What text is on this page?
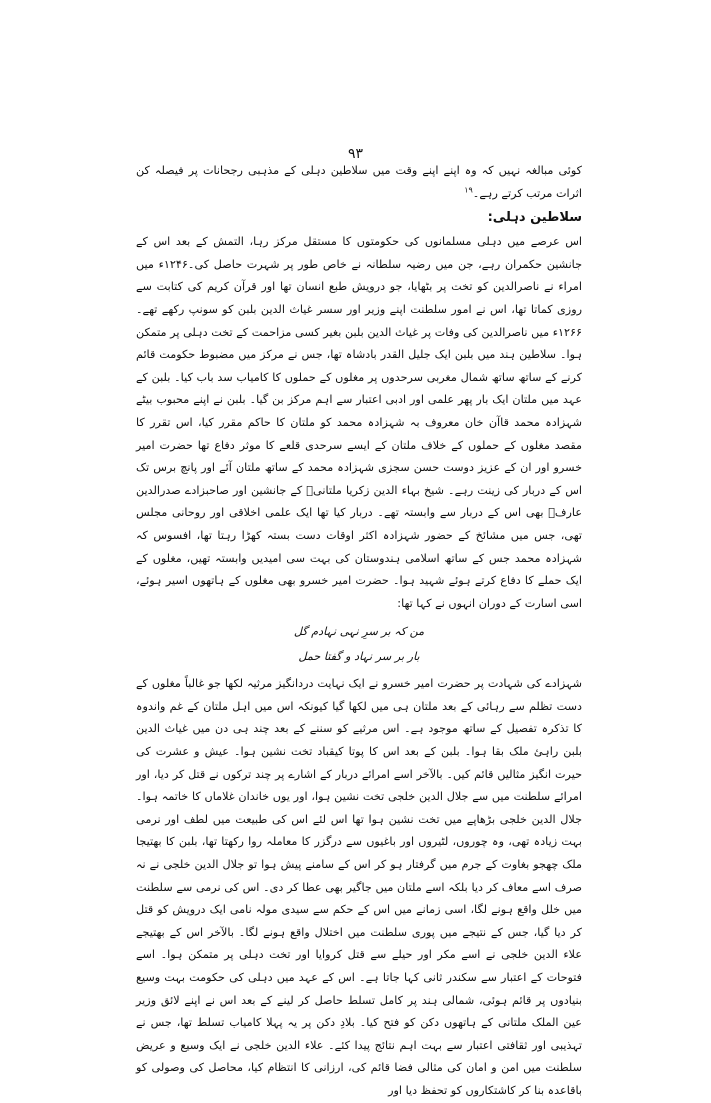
۹۳

کوئی مبالغہ نہیں کہ وہ اپنے اپنے وقت میں سلاطین دہلی کے مذہبی رجحانات پر فیصلہ کن اثرات مرتب کرتے رہے۔$^{۱۹}$

سلاطین دہلی:

اس عرصے میں دہلی مسلمانوں کی حکومتوں کا مستقل مرکز رہا، التمش کے بعد اس کے جانشین حکمران رہے، جن میں رضیہ سلطانہ نے خاص طور پر شہرت حاصل کی۔۱۲۴۶ء میں امراء نے ناصرالدین کو تخت پر بٹھایا، جو درویش طبع انسان تھا اور قرآن کریم کی کتابت سے روزی کماتا تھا، اس نے امور سلطنت اپنے وزیر اور سسر غیاث الدین بلبن کو سونپ رکھے تھے۔۱۲۶۶ء میں ناصرالدین کی وفات پر غیاث الدین بلبن بغیر کسی مزاحمت کے تخت دہلی پر متمکن ہوا۔ سلاطین ہند میں بلبن ایک جلیل القدر بادشاہ تھا، جس نے مرکز میں مضبوط حکومت قائم کرنے کے ساتھ ساتھ شمال مغربی سرحدوں پر مغلوں کے حملوں کا کامیاب سد باب کیا۔ بلبن کے عہد میں ملتان ایک بار پھر علمی اور ادبی اعتبار سے اہم مرکز بن گیا۔ بلبن نے اپنے محبوب بیٹے شہزادہ محمد قاآن خان معروف بہ شہزادہ محمد کو ملتان کا حاکم مقرر کیا، اس تقرر کا مقصد مغلوں کے حملوں کے خلاف ملتان کے ایسے سرحدی قلعے کا موثر دفاع تھا حضرت امیر خسرو اور ان کے عزیز دوست حسن سجزی شہزادہ محمد کے ساتھ ملتان آئے اور پانچ برس تک اس کے دربار کی زینت رہے۔ شیخ بہاء الدین زکریا ملتانیؒ کے جانشین اور صاحبزادے صدرالدین عارفؒ بھی اس کے دربار سے وابستہ تھے۔ دربار کیا تھا ایک علمی اخلاقی اور روحانی مجلس تھی، جس میں مشائخ کے حضور شہزادہ اکثر اوقات دست بستہ کھڑا رہتا تھا، افسوس کہ شہزادہ محمد جس کے ساتھ اسلامی ہندوستان کی بہت سی امیدیں وابستہ تھیں، مغلوں کے ایک حملے کا دفاع کرتے ہوئے شہید ہوا۔ حضرت امیر خسرو بھی مغلوں کے ہاتھوں اسیر ہوئے، اسی اسارت کے دوران انہوں نے کہا تھا:

من کہ بر سرِ نہی نہادم گل

بار بر سر نہاد و گفتا حمل

شہزادے کی شہادت پر حضرت امیر خسرو نے ایک نہایت دردانگیز مرثیہ لکھا جو غالباً مغلوں کے دست تظلم سے رہائی کے بعد ملتان ہی میں لکھا گیا کیونکہ اس میں اہل ملتان کے غم واندوہ کا تذکرہ تفصیل کے ساتھ موجود ہے۔ اس مرثیے کو سننے کے بعد چند ہی دن میں غیاث الدین بلبن راہیٔ ملک بقا ہوا۔ بلبن کے بعد اس کا پوتا کیقباد تخت نشین ہوا۔ عیش و عشرت کی حیرت انگیز مثالیں قائم کیں۔ بالآخر اسے امرائے دربار کے اشارے پر چند ترکوں نے قتل کر دیا، اور امرائے سلطنت میں سے جلال الدین خلجی تخت نشین ہوا، اور یوں خاندان غلاماں کا خاتمہ ہوا۔ جلال الدین خلجی بڑھاپے میں تخت نشین ہوا تھا اس لئے اس کی طبیعت میں لطف اور نرمی بہت زیادہ تھی، وہ چوروں، لٹیروں اور باغیوں سے درگزر کا معاملہ روا رکھتا تھا، بلبن کا بھتیجا ملک چھجو بغاوت کے جرم میں گرفتار ہو کر اس کے سامنے پیش ہوا تو جلال الدین خلجی نے نہ صرف اسے معاف کر دیا بلکہ اسے ملتان میں جاگیر بھی عطا کر دی۔ اس کی نرمی سے سلطنت میں خلل واقع ہونے لگا، اسی زمانے میں اس کے حکم سے سیدی مولہ نامی ایک درویش کو قتل کر دیا گیا، جس کے نتیجے میں پوری سلطنت میں اختلال واقع ہونے لگا۔ بالآخر اس کے بھتیجے علاء الدین خلجی نے اسے مکر اور حیلے سے قتل کروایا اور تخت دہلی پر متمکن ہوا۔ اسے فتوحات کے اعتبار سے سکندر ثانی کہا جاتا ہے۔ اس کے عہد میں دہلی کی حکومت بہت وسیع بنیادوں پر قائم ہوئی، شمالی ہند پر کامل تسلط حاصل کر لینے کے بعد اس نے اپنے لائق وزیر عین الملک ملتانی کے ہاتھوں دکن کو فتح کیا۔ بلادِ دکن پر یہ پہلا کامیاب تسلط تھا، جس نے تہذیبی اور ثقافتی اعتبار سے بہت اہم نتائج پیدا کئے۔ علاء الدین خلجی نے ایک وسیع و عریض سلطنت میں امن و امان کی مثالی فضا قائم کی، ارزانی کا انتظام کیا، محاصل کی وصولی کو باقاعدہ بنا کر کاشتکاروں کو تحفظ دیا اور
